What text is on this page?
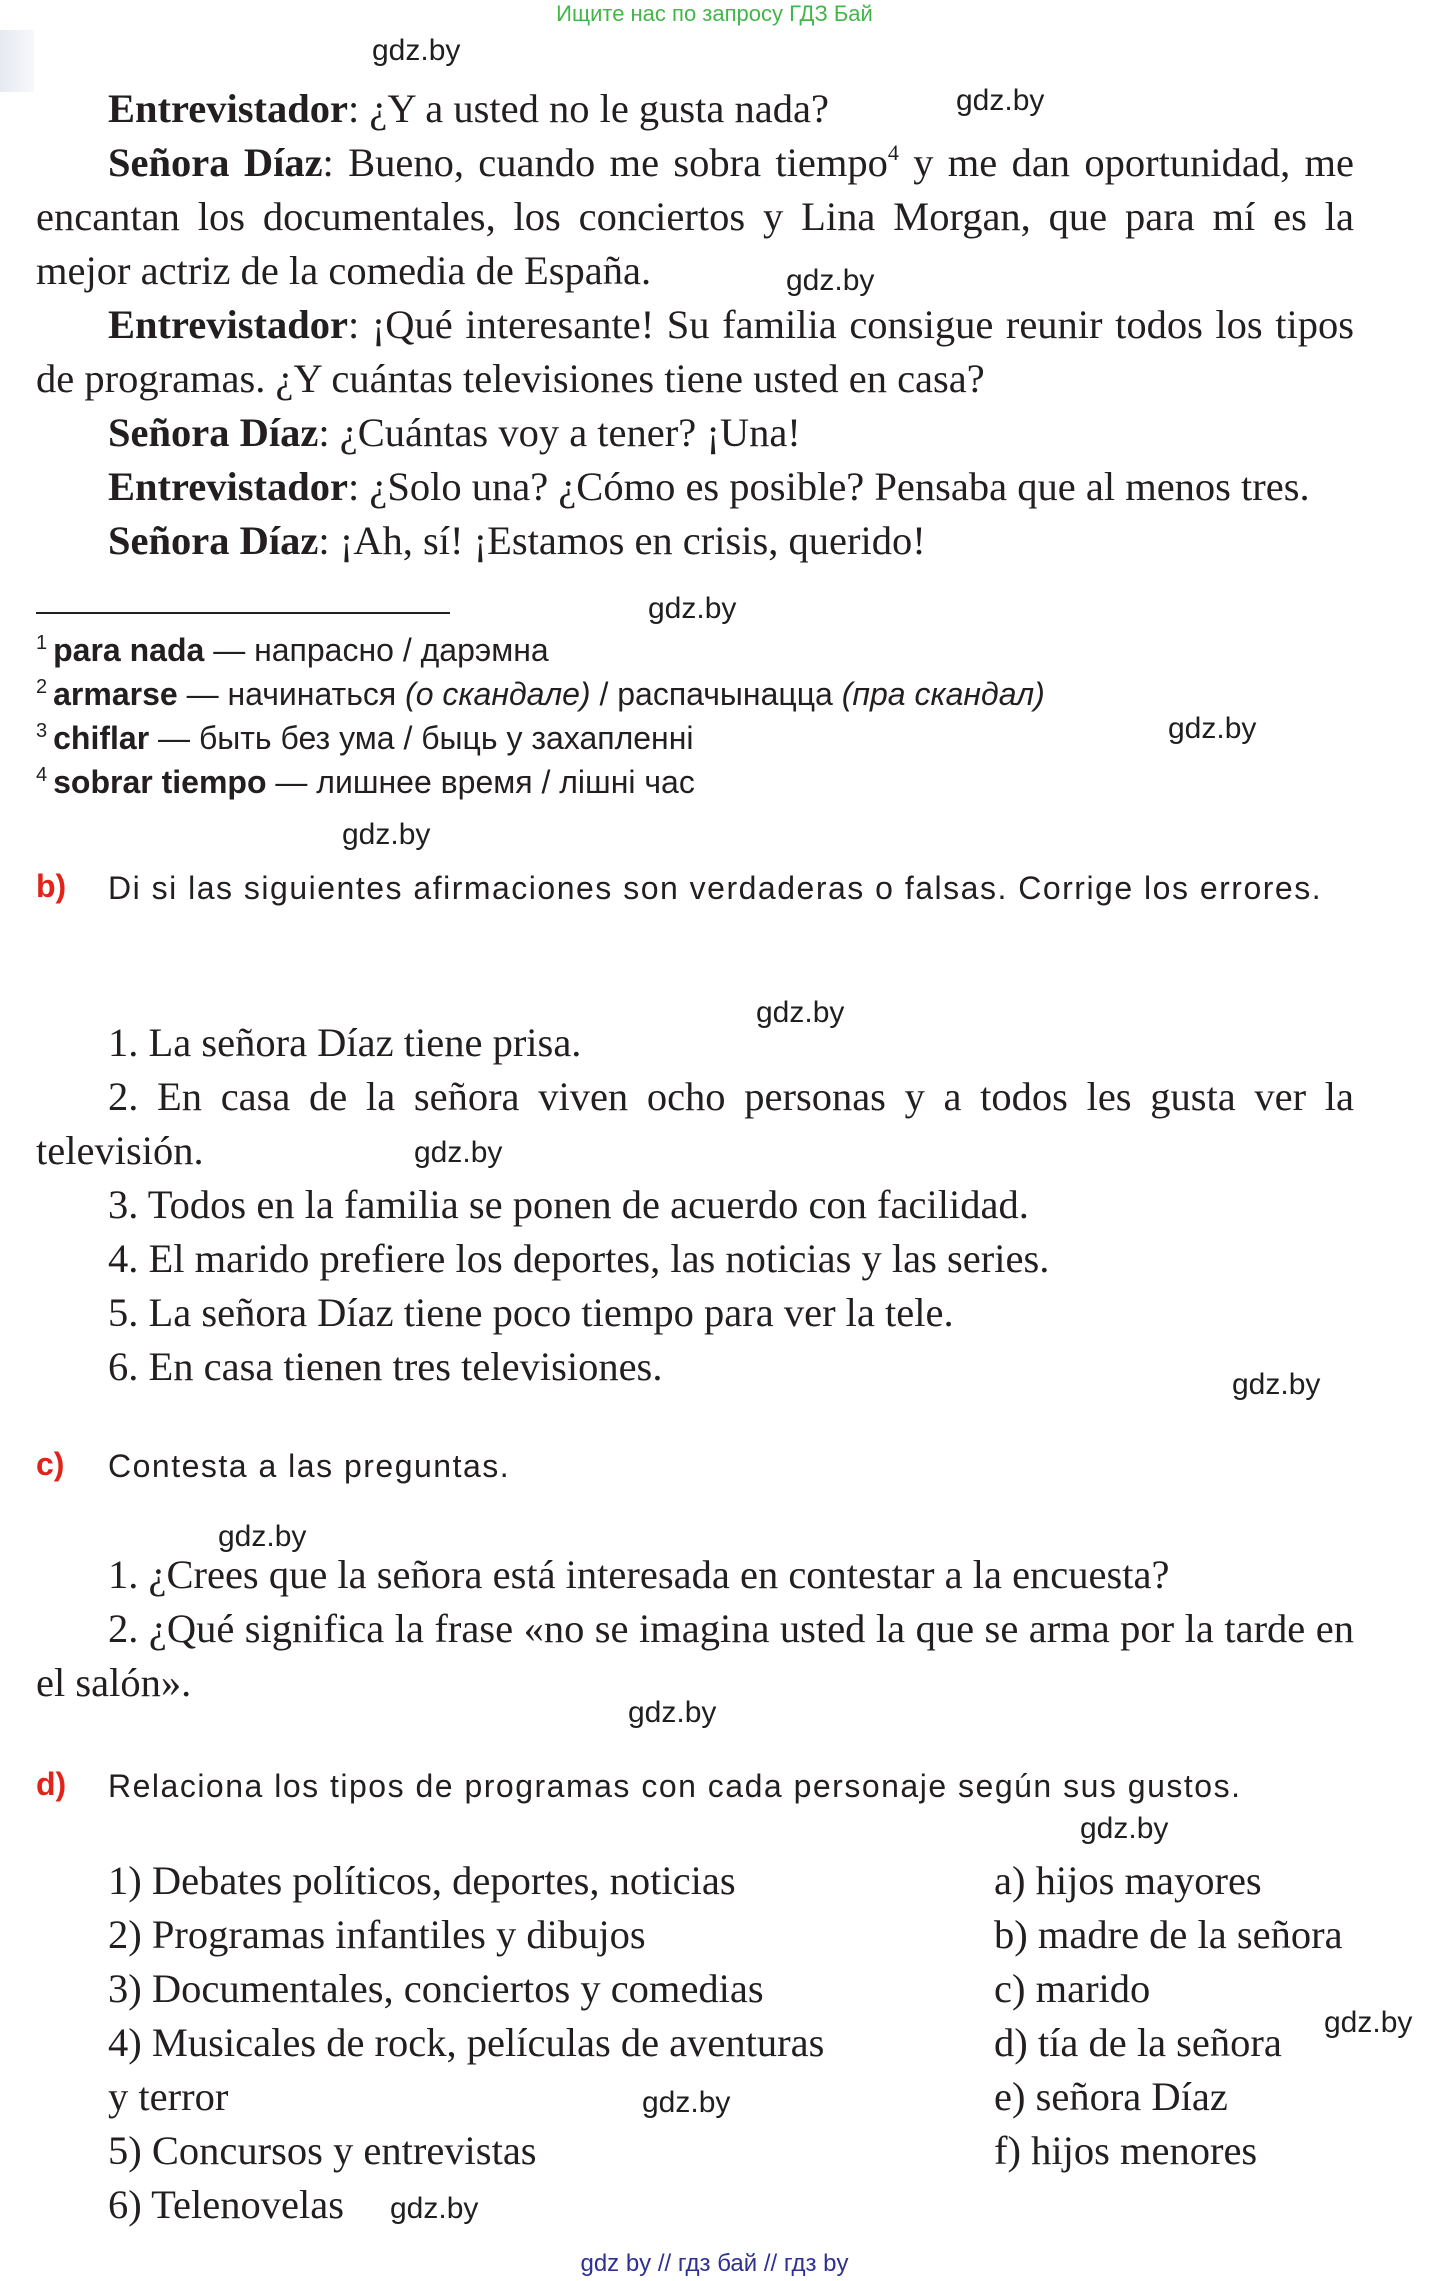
Ищите нас по запросу ГДЗ Бай
gdz.by
gdz.by
gdz.by
gdz.by
gdz.by
gdz.by
gdz.by
gdz.by
gdz.by
gdz.by
gdz.by
gdz.by
gdz.by
gdz.by
gdz.by
Entrevistador: ¿Y a usted no le gusta nada?
Señora Díaz: Bueno, cuando me sobra tiempo$^4$ y me dan oportunidad, me encantan los documentales, los conciertos y Lina Morgan, que para mí es la mejor actriz de la comedia de España.
Entrevistador: ¡Qué interesante! Su familia consigue reunir todos los tipos de programas. ¿Y cuántas televisiones tiene usted en casa?
Señora Díaz: ¿Cuántas voy a tener? ¡Una!
Entrevistador: ¿Solo una? ¿Cómo es posible? Pensaba que al menos tres.
Señora Díaz: ¡Ah, sí! ¡Estamos en crisis, querido!
$^1$ para nada — напрасно / дарэмна
$^2$ armarse — начинаться (о скандале) / распачынацца (пра скандал)
$^3$ chiflar — быть без ума / быць у захапленні
$^4$ sobrar tiempo — лишнее время / лішні час
b) Di si las siguientes afirmaciones son verdaderas o falsas. Corrige los errores.
1. La señora Díaz tiene prisa.
2. En casa de la señora viven ocho personas y a todos les gusta ver la televisión.
3. Todos en la familia se ponen de acuerdo con facilidad.
4. El marido prefiere los deportes, las noticias y las series.
5. La señora Díaz tiene poco tiempo para ver la tele.
6. En casa tienen tres televisiones.
c) Contesta a las preguntas.
1. ¿Crees que la señora está interesada en contestar a la encuesta?
2. ¿Qué significa la frase «no se imagina usted la que se arma por la tarde en el salón».
d) Relaciona los tipos de programas con cada personaje según sus gustos.
1) Debates políticos, deportes, noticias
2) Programas infantiles y dibujos
3) Documentales, conciertos y comedias
4) Musicales de rock, películas de aventuras
y terror
5) Concursos y entrevistas
6) Telenovelas
a) hijos mayores
b) madre de la señora
c) marido
d) tía de la señora
e) señora Díaz
f) hijos menores
gdz by // гдз бай // гдз by
